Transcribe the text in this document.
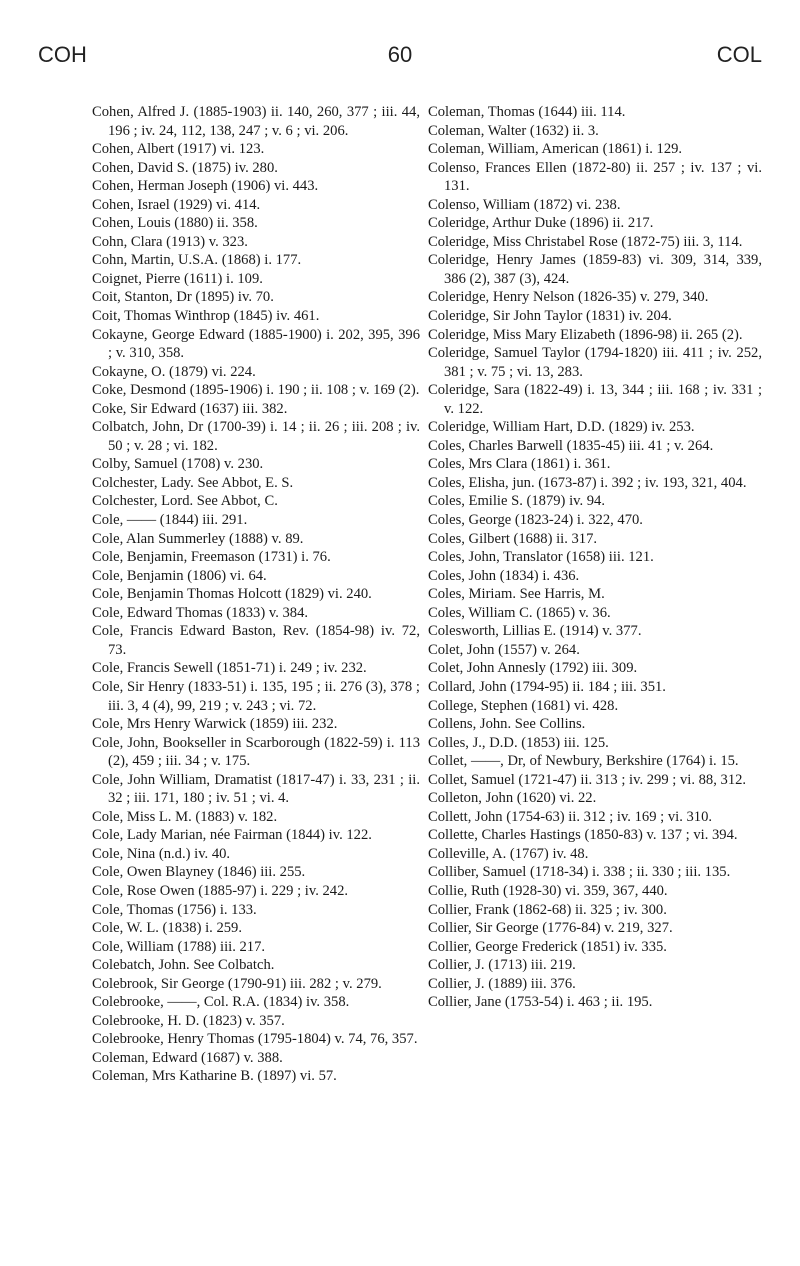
COH	60	COL
Cohen, Alfred J. (1885-1903) ii. 140, 260, 377 ; iii. 44, 196 ; iv. 24, 112, 138, 247 ; v. 6 ; vi. 206.
Cohen, Albert (1917) vi. 123.
Cohen, David S. (1875) iv. 280.
Cohen, Herman Joseph (1906) vi. 443.
Cohen, Israel (1929) vi. 414.
Cohen, Louis (1880) ii. 358.
Cohn, Clara (1913) v. 323.
Cohn, Martin, U.S.A. (1868) i. 177.
Coignet, Pierre (1611) i. 109.
Coit, Stanton, Dr (1895) iv. 70.
Coit, Thomas Winthrop (1845) iv. 461.
Cokayne, George Edward (1885-1900) i. 202, 395, 396 ; v. 310, 358.
Cokayne, O. (1879) vi. 224.
Coke, Desmond (1895-1906) i. 190 ; ii. 108 ; v. 169 (2).
Coke, Sir Edward (1637) iii. 382.
Colbatch, John, Dr (1700-39) i. 14 ; ii. 26 ; iii. 208 ; iv. 50 ; v. 28 ; vi. 182.
Colby, Samuel (1708) v. 230.
Colchester, Lady. See Abbot, E. S.
Colchester, Lord. See Abbot, C.
Cole, —— (1844) iii. 291.
Cole, Alan Summerley (1888) v. 89.
Cole, Benjamin, Freemason (1731) i. 76.
Cole, Benjamin (1806) vi. 64.
Cole, Benjamin Thomas Holcott (1829) vi. 240.
Cole, Edward Thomas (1833) v. 384.
Cole, Francis Edward Baston, Rev. (1854-98) iv. 72, 73.
Cole, Francis Sewell (1851-71) i. 249 ; iv. 232.
Cole, Sir Henry (1833-51) i. 135, 195 ; ii. 276 (3), 378 ; iii. 3, 4 (4), 99, 219 ; v. 243 ; vi. 72.
Cole, Mrs Henry Warwick (1859) iii. 232.
Cole, John, Bookseller in Scarborough (1822-59) i. 113 (2), 459 ; iii. 34 ; v. 175.
Cole, John William, Dramatist (1817-47) i. 33, 231 ; ii. 32 ; iii. 171, 180 ; iv. 51 ; vi. 4.
Cole, Miss L. M. (1883) v. 182.
Cole, Lady Marian, née Fairman (1844) iv. 122.
Cole, Nina (n.d.) iv. 40.
Cole, Owen Blayney (1846) iii. 255.
Cole, Rose Owen (1885-97) i. 229 ; iv. 242.
Cole, Thomas (1756) i. 133.
Cole, W. L. (1838) i. 259.
Cole, William (1788) iii. 217.
Colebatch, John. See Colbatch.
Colebrook, Sir George (1790-91) iii. 282 ; v. 279.
Colebrooke, ——, Col. R.A. (1834) iv. 358.
Colebrooke, H. D. (1823) v. 357.
Colebrooke, Henry Thomas (1795-1804) v. 74, 76, 357.
Coleman, Edward (1687) v. 388.
Coleman, Mrs Katharine B. (1897) vi. 57.
Coleman, Thomas (1644) iii. 114.
Coleman, Walter (1632) ii. 3.
Coleman, William, American (1861) i. 129.
Colenso, Frances Ellen (1872-80) ii. 257 ; iv. 137 ; vi. 131.
Colenso, William (1872) vi. 238.
Coleridge, Arthur Duke (1896) ii. 217.
Coleridge, Miss Christabel Rose (1872-75) iii. 3, 114.
Coleridge, Henry James (1859-83) vi. 309, 314, 339, 386 (2), 387 (3), 424.
Coleridge, Henry Nelson (1826-35) v. 279, 340.
Coleridge, Sir John Taylor (1831) iv. 204.
Coleridge, Miss Mary Elizabeth (1896-98) ii. 265 (2).
Coleridge, Samuel Taylor (1794-1820) iii. 411 ; iv. 252, 381 ; v. 75 ; vi. 13, 283.
Coleridge, Sara (1822-49) i. 13, 344 ; iii. 168 ; iv. 331 ; v. 122.
Coleridge, William Hart, D.D. (1829) iv. 253.
Coles, Charles Barwell (1835-45) iii. 41 ; v. 264.
Coles, Mrs Clara (1861) i. 361.
Coles, Elisha, jun. (1673-87) i. 392 ; iv. 193, 321, 404.
Coles, Emilie S. (1879) iv. 94.
Coles, George (1823-24) i. 322, 470.
Coles, Gilbert (1688) ii. 317.
Coles, John, Translator (1658) iii. 121.
Coles, John (1834) i. 436.
Coles, Miriam. See Harris, M.
Coles, William C. (1865) v. 36.
Colesworth, Lillias E. (1914) v. 377.
Colet, John (1557) v. 264.
Colet, John Annesly (1792) iii. 309.
Collard, John (1794-95) ii. 184 ; iii. 351.
College, Stephen (1681) vi. 428.
Collens, John. See Collins.
Colles, J., D.D. (1853) iii. 125.
Collet, ——, Dr, of Newbury, Berkshire (1764) i. 15.
Collet, Samuel (1721-47) ii. 313 ; iv. 299 ; vi. 88, 312.
Colleton, John (1620) vi. 22.
Collett, John (1754-63) ii. 312 ; iv. 169 ; vi. 310.
Collette, Charles Hastings (1850-83) v. 137 ; vi. 394.
Colleville, A. (1767) iv. 48.
Colliber, Samuel (1718-34) i. 338 ; ii. 330 ; iii. 135.
Collie, Ruth (1928-30) vi. 359, 367, 440.
Collier, Frank (1862-68) ii. 325 ; iv. 300.
Collier, Sir George (1776-84) v. 219, 327.
Collier, George Frederick (1851) iv. 335.
Collier, J. (1713) iii. 219.
Collier, J. (1889) iii. 376.
Collier, Jane (1753-54) i. 463 ; ii. 195.
